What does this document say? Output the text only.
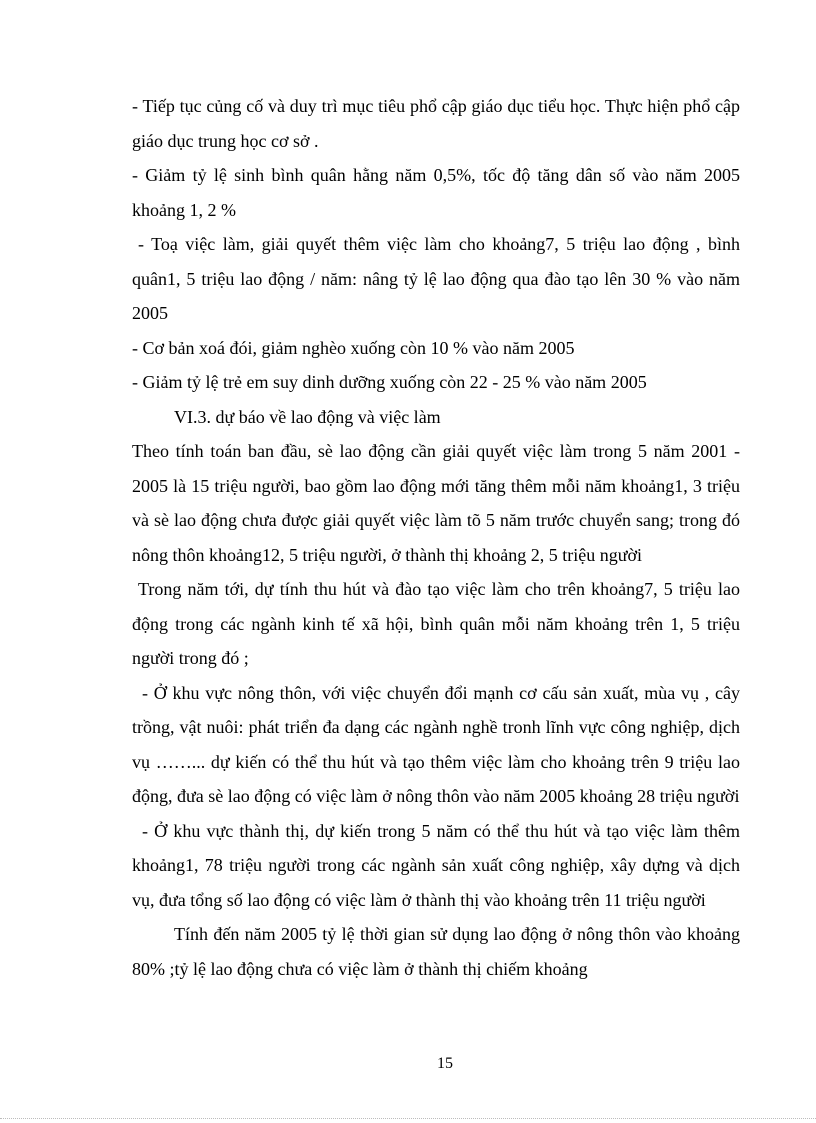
- Tiếp tục củng cố và duy trì mục tiêu phổ cập giáo dục tiểu học. Thực hiện phổ cập giáo dục trung học cơ sở .

- Giảm tỷ lệ sinh bình quân hằng năm 0,5%, tốc độ tăng dân số vào năm 2005 khoảng 1, 2 %

- Toạ việc làm, giải quyết thêm việc làm cho khoảng7, 5 triệu lao động , bình quân1, 5 triệu lao động / năm: nâng tỷ lệ lao động qua đào tạo lên 30 % vào năm 2005

- Cơ bản xoá đói, giảm nghèo xuống còn 10 % vào năm 2005

- Giảm tỷ lệ trẻ em suy dinh dưỡng xuống còn 22 - 25 % vào năm 2005

VI.3. dự báo về lao động và việc làm

Theo tính toán ban đầu, sè lao động cần giải quyết việc làm trong 5 năm 2001 - 2005 là 15 triệu người, bao gồm lao động mới tăng thêm mỗi năm khoảng1, 3 triệu và sè lao động chưa được giải quyết việc làm tõ 5 năm trước chuyển sang; trong đó nông thôn khoảng12, 5 triệu người, ở thành thị khoảng 2, 5 triệu người

Trong năm tới, dự tính thu hút và đào tạo việc làm cho trên khoảng7, 5 triệu lao động trong các ngành kinh tế xã hội, bình quân mỗi năm khoảng trên 1, 5 triệu người trong đó ;

- Ở khu vực nông thôn, với việc chuyển đổi mạnh cơ cấu sản xuất, mùa vụ , cây trồng, vật nuôi: phát triển đa dạng các ngành nghề tronh lĩnh vực công nghiệp, dịch vụ ……... dự kiến có thể thu hút và tạo thêm việc làm cho khoảng trên 9 triệu lao động, đưa sè lao động có việc làm ở nông thôn vào năm 2005 khoảng 28 triệu người

- Ở khu vực thành thị, dự kiến trong 5 năm có thể thu hút và tạo việc làm thêm khoảng1, 78 triệu người trong các ngành sản xuất công nghiệp, xây dựng và dịch vụ, đưa tổng số lao động có việc làm ở thành thị vào khoảng trên 11 triệu người

Tính đến năm 2005 tỷ lệ thời gian sử dụng lao động ở nông thôn vào khoảng 80% ;tỷ lệ lao động chưa có việc làm ở thành thị chiếm khoảng

15
